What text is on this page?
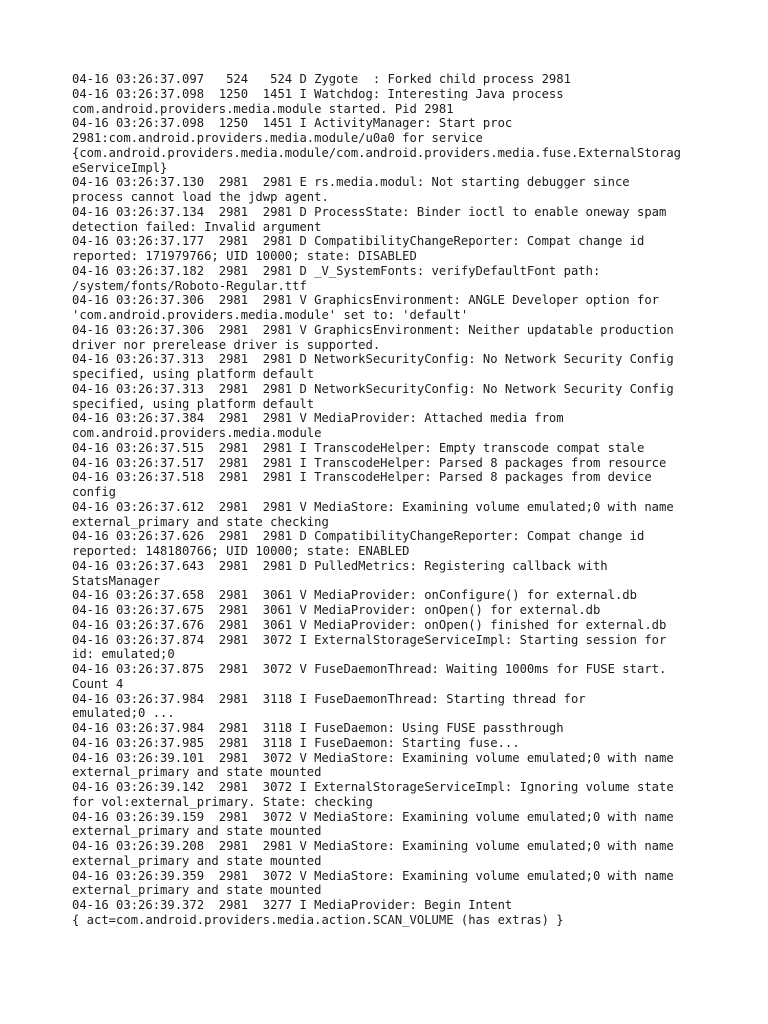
04-16 03:26:37.097   524   524 D Zygote  : Forked child process 2981
04-16 03:26:37.098  1250  1451 I Watchdog: Interesting Java process
com.android.providers.media.module started. Pid 2981
04-16 03:26:37.098  1250  1451 I ActivityManager: Start proc
2981:com.android.providers.media.module/u0a0 for service
{com.android.providers.media.module/com.android.providers.media.fuse.ExternalStorag
eServiceImpl}
04-16 03:26:37.130  2981  2981 E rs.media.modul: Not starting debugger since
process cannot load the jdwp agent.
04-16 03:26:37.134  2981  2981 D ProcessState: Binder ioctl to enable oneway spam
detection failed: Invalid argument
04-16 03:26:37.177  2981  2981 D CompatibilityChangeReporter: Compat change id
reported: 171979766; UID 10000; state: DISABLED
04-16 03:26:37.182  2981  2981 D _V_SystemFonts: verifyDefaultFont path:
/system/fonts/Roboto-Regular.ttf
04-16 03:26:37.306  2981  2981 V GraphicsEnvironment: ANGLE Developer option for
'com.android.providers.media.module' set to: 'default'
04-16 03:26:37.306  2981  2981 V GraphicsEnvironment: Neither updatable production
driver nor prerelease driver is supported.
04-16 03:26:37.313  2981  2981 D NetworkSecurityConfig: No Network Security Config
specified, using platform default
04-16 03:26:37.313  2981  2981 D NetworkSecurityConfig: No Network Security Config
specified, using platform default
04-16 03:26:37.384  2981  2981 V MediaProvider: Attached media from
com.android.providers.media.module
04-16 03:26:37.515  2981  2981 I TranscodeHelper: Empty transcode compat stale
04-16 03:26:37.517  2981  2981 I TranscodeHelper: Parsed 8 packages from resource
04-16 03:26:37.518  2981  2981 I TranscodeHelper: Parsed 8 packages from device
config
04-16 03:26:37.612  2981  2981 V MediaStore: Examining volume emulated;0 with name
external_primary and state checking
04-16 03:26:37.626  2981  2981 D CompatibilityChangeReporter: Compat change id
reported: 148180766; UID 10000; state: ENABLED
04-16 03:26:37.643  2981  2981 D PulledMetrics: Registering callback with
StatsManager
04-16 03:26:37.658  2981  3061 V MediaProvider: onConfigure() for external.db
04-16 03:26:37.675  2981  3061 V MediaProvider: onOpen() for external.db
04-16 03:26:37.676  2981  3061 V MediaProvider: onOpen() finished for external.db
04-16 03:26:37.874  2981  3072 I ExternalStorageServiceImpl: Starting session for
id: emulated;0
04-16 03:26:37.875  2981  3072 V FuseDaemonThread: Waiting 1000ms for FUSE start.
Count 4
04-16 03:26:37.984  2981  3118 I FuseDaemonThread: Starting thread for
emulated;0 ...
04-16 03:26:37.984  2981  3118 I FuseDaemon: Using FUSE passthrough
04-16 03:26:37.985  2981  3118 I FuseDaemon: Starting fuse...
04-16 03:26:39.101  2981  3072 V MediaStore: Examining volume emulated;0 with name
external_primary and state mounted
04-16 03:26:39.142  2981  3072 I ExternalStorageServiceImpl: Ignoring volume state
for vol:external_primary. State: checking
04-16 03:26:39.159  2981  3072 V MediaStore: Examining volume emulated;0 with name
external_primary and state mounted
04-16 03:26:39.208  2981  2981 V MediaStore: Examining volume emulated;0 with name
external_primary and state mounted
04-16 03:26:39.359  2981  3072 V MediaStore: Examining volume emulated;0 with name
external_primary and state mounted
04-16 03:26:39.372  2981  3277 I MediaProvider: Begin Intent
{ act=com.android.providers.media.action.SCAN_VOLUME (has extras) }
